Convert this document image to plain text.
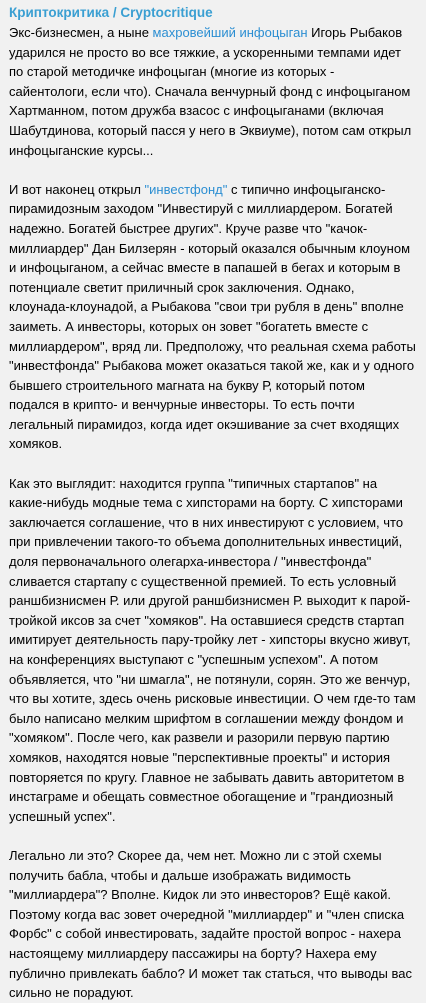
Криптокритика / Cryptocritique
Экс-бизнесмен, а ныне махровейший инфоцыган Игорь Рыбаков ударился не просто во все тяжкие, а ускоренными темпами идет по старой методичке инфоцыган (многие из которых - сайентологи, если что). Сначала венчурный фонд с инфоцыганом Хартманном, потом дружба взасос с инфоцыганами (включая Шабутдинова, который пасся у него в Эквиуме), потом сам открыл инфоцыганские курсы...
И вот наконец открыл "инвестфонд" с типично инфоцыганско-пирамидозным заходом "Инвестируй с миллиардером. Богатей надежно. Богатей быстрее других". Круче разве что "качок-миллиардер" Дан Билзерян - который оказался обычным клоуном и инфоцыганом, а сейчас вместе в папашей в бегах и которым в потенциале светит приличный срок заключения. Однако, клоунада-клоунадой, а Рыбакова "свои три рубля в день" вполне заиметь. А инвесторы, которых он зовет "богатеть вместе с миллиардером", вряд ли. Предположу, что реальная схема работы "инвестфонда" Рыбакова может оказаться такой же, как и у одного бывшего строительного магната на букву Р, который потом подался в крипто- и венчурные инвесторы. То есть почти легальный пирамидоз, когда идет окэшивание за счет входящих хомяков.
Как это выглядит: находится группа "типичных стартапов" на какие-нибудь модные тема с хипсторами на борту. С хипсторами заключается соглашение, что в них инвестируют с условием, что при привлечении такого-то объема дополнительных инвестиций, доля первоначального олегарха-инвестора / "инвестфонда" сливается стартапу с существенной премией. То есть условный раншбизнисмен Р. или другой раншбизнисмен Р. выходит к парой-тройкой иксов за счет "хомяков". На оставшиеся средств стартап имитирует деятельность пару-тройку лет - хипсторы вкусно живут, на конференциях выступают с "успешным успехом". А потом объявляется, что "ни шмагла", не потянули, сорян. Это же венчур, что вы хотите, здесь очень рисковые инвестиции. О чем где-то там было написано мелким шрифтом в соглашении между фондом и "хомяком". После чего, как развели и разорили первую партию хомяков, находятся новые "перспективные проекты" и история повторяется по кругу. Главное не забывать давить авторитетом в инстаграме и обещать совместное обогащение и "грандиозный успешный успех".
Легально ли это? Скорее да, чем нет. Можно ли с этой схемы получить бабла, чтобы и дальше изображать видимость "миллиардера"? Вполне. Кидок ли это инвесторов? Ещё какой. Поэтому когда вас зовет очередной "миллиардер" и "член списка Форбс" с собой инвестировать, задайте простой вопрос - нахера настоящему миллиардеру пассажиры на борту? Нахера ему публично привлекать бабло? И может так статься, что выводы вас сильно не порадуют.
